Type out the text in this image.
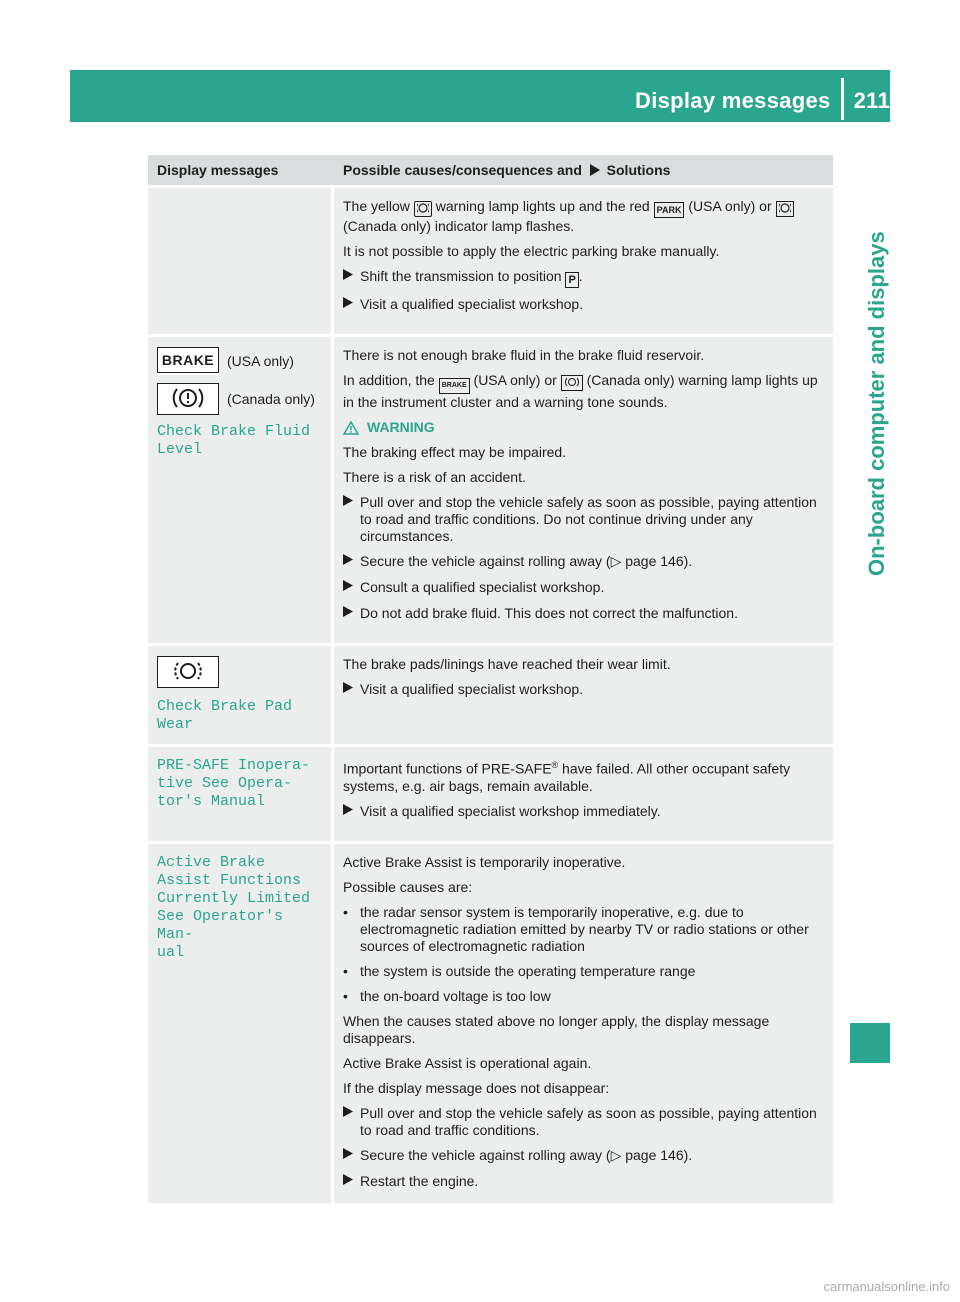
Display messages 211
On-board computer and displays
Display messages	Possible causes/consequences and Solutions

The yellow warning lamp lights up and the red PARK (USA only) or  (Canada only) indicator lamp flashes.

It is not possible to apply the electric parking brake manually.

Shift the transmission to position P .
Visit a qualified specialist workshop.
BRAKE (USA only)
(Canada only)
Check Brake Fluid
Level

There is not enough brake fluid in the brake fluid reservoir.

In addition, the BRAKE (USA only) or (Canada only) warning lamp lights up in the instrument cluster and a warning tone sounds.

WARNING

The braking effect may be impaired.

There is a risk of an accident.

Pull over and stop the vehicle safely as soon as possible, paying attention to road and traffic conditions. Do not continue driving under any circumstances.
Secure the vehicle against rolling away (▷ page 146).
Consult a qualified specialist workshop.
Do not add brake fluid. This does not correct the malfunction.
Check Brake Pad
Wear

The brake pads/linings have reached their wear limit.

Visit a qualified specialist workshop.
PRE-SAFE Inopera‐
tive See Opera‐
tor's Manual

Important functions of PRE-SAFE® have failed. All other occupant safety systems, e.g. air bags, remain available.

Visit a qualified specialist workshop immediately.
Active Brake
Assist Functions
Currently Limited
See Operator's Man‐
ual

Active Brake Assist is temporarily inoperative.

Possible causes are:

• the radar sensor system is temporarily inoperative, e.g. due to electromagnetic radiation emitted by nearby TV or radio stations or other sources of electromagnetic radiation
• the system is outside the operating temperature range
• the on-board voltage is too low

When the causes stated above no longer apply, the display message disappears.

Active Brake Assist is operational again.

If the display message does not disappear:

Pull over and stop the vehicle safely as soon as possible, paying attention to road and traffic conditions.
Secure the vehicle against rolling away (▷ page 146).
Restart the engine.
carmanualsonline.info
